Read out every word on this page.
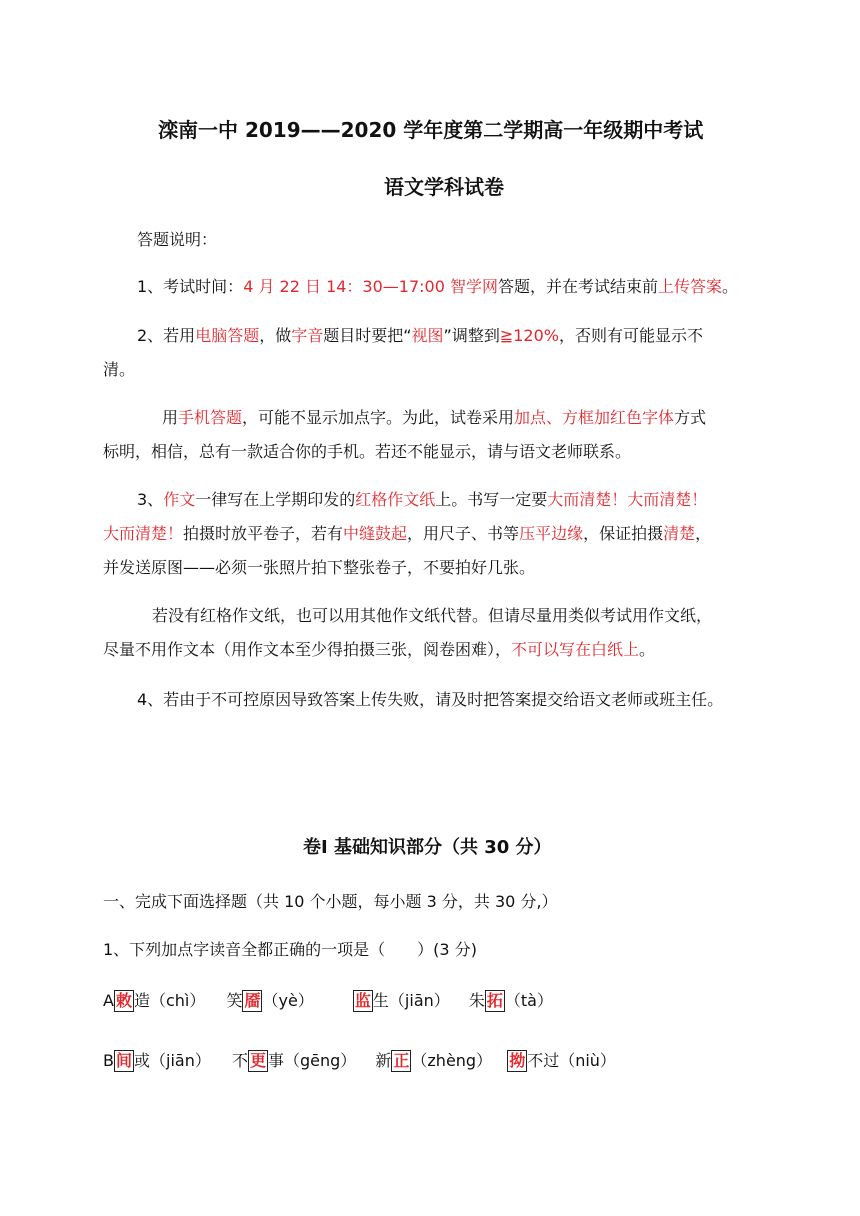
滦南一中 2019——2020 学年度第二学期高一年级期中考试
语文学科试卷
答题说明：
1、考试时间：4 月 22 日 14：30—17:00 智学网答题，并在考试结束前上传答案。
2、若用电脑答题，做字音题目时要把“视图”调整到≧120%，否则有可能显示不
清。
用手机答题，可能不显示加点字。为此，试卷采用加点、方框加红色字体方式
标明，相信，总有一款适合你的手机。若还不能显示，请与语文老师联系。
3、作文一律写在上学期印发的红格作文纸上。书写一定要大而清楚！大而清楚！
大而清楚！拍摄时放平卷子，若有中缝鼓起，用尺子、书等压平边缘，保证拍摄清楚，
并发送原图——必须一张照片拍下整张卷子，不要拍好几张。
若没有红格作文纸，也可以用其他作文纸代替。但请尽量用类似考试用作文纸，
尽量不用作文本（用作文本至少得拍摄三张，阅卷困难），不可以写在白纸上。
4、若由于不可控原因导致答案上传失败，请及时把答案提交给语文老师或班主任。
卷Ⅰ 基础知识部分（共 30 分）
一、完成下面选择题（共 10 个小题，每小题 3 分，共 30 分,）
1、下列加点字读音全都正确的一项是（　　）(3 分)
A 敕 造（chì） 笑 靥 （yè）	监 生（jiān） 朱 拓 （tà）
B 间 或（jiān） 不 更 事（gēng） 新 正 （zhèng） 拗 不过（niù）
